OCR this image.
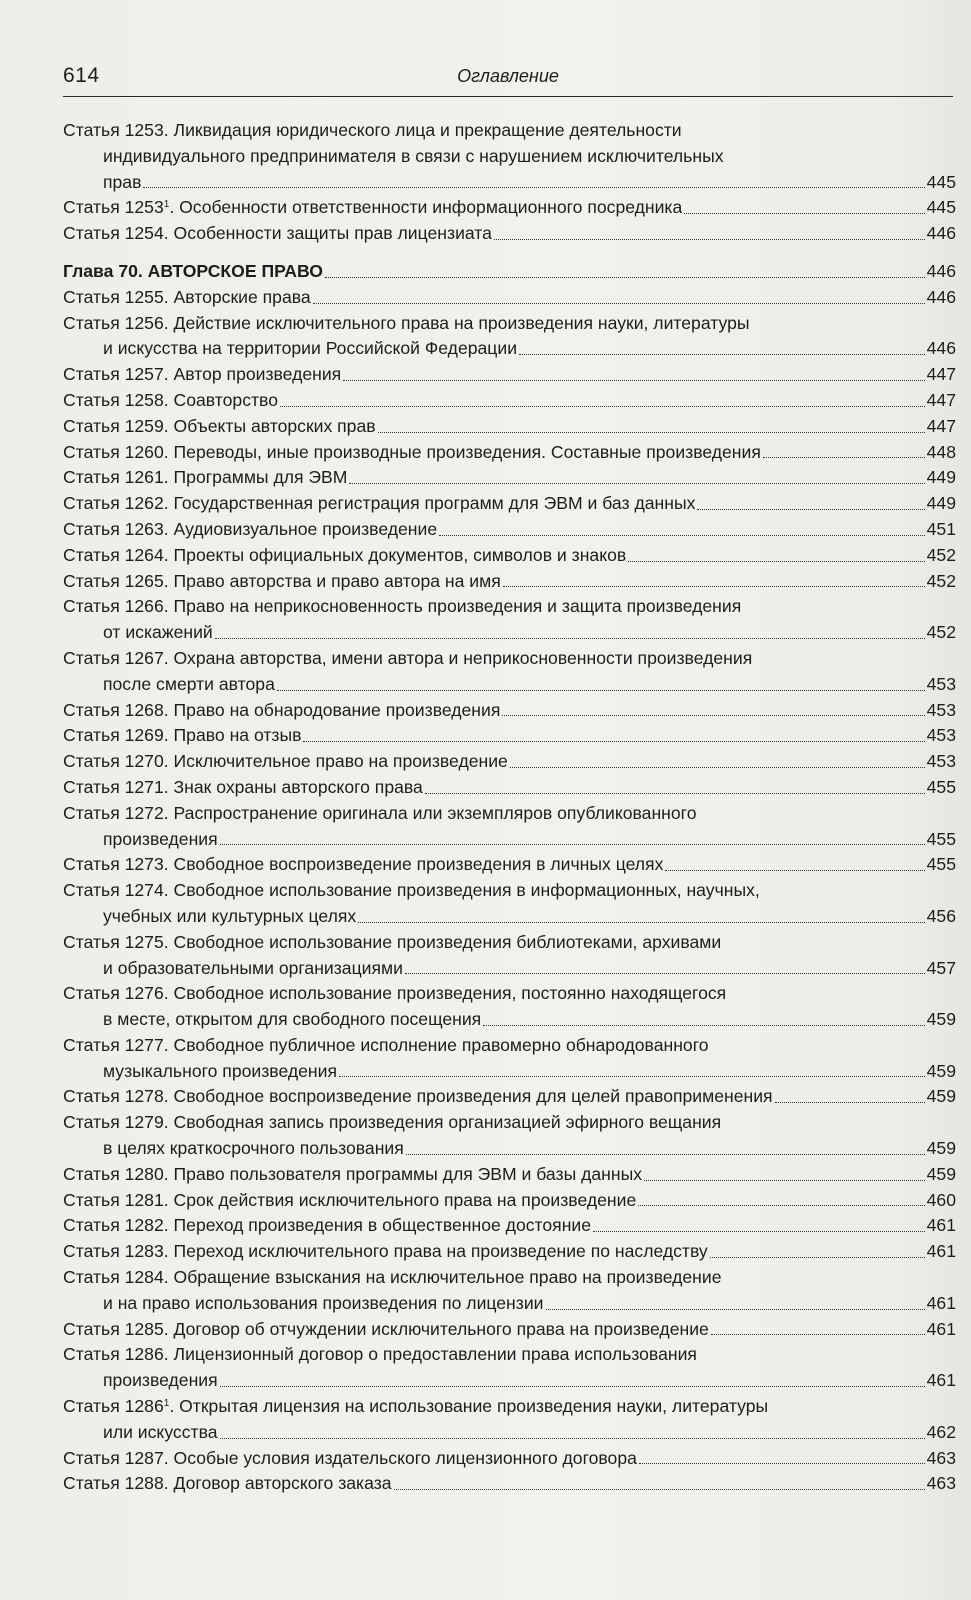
614	Оглавление
Статья 1253. Ликвидация юридического лица и прекращение деятельности
индивидуального предпринимателя в связи с нарушением исключительных
прав	445
Статья 1253$^1$. Особенности ответственности информационного посредника	445
Статья 1254. Особенности защиты прав лицензиата	446
Глава 70. АВТОРСКОЕ ПРАВО	446
Статья 1255. Авторские права	446
Статья 1256. Действие исключительного права на произведения науки, литературы
и искусства на территории Российской Федерации	446
Статья 1257. Автор произведения	447
Статья 1258. Соавторство	447
Статья 1259. Объекты авторских прав	447
Статья 1260. Переводы, иные производные произведения. Составные произведения	448
Статья 1261. Программы для ЭВМ	449
Статья 1262. Государственная регистрация программ для ЭВМ и баз данных	449
Статья 1263. Аудиовизуальное произведение	451
Статья 1264. Проекты официальных документов, символов и знаков	452
Статья 1265. Право авторства и право автора на имя	452
Статья 1266. Право на неприкосновенность произведения и защита произведения
от искажений	452
Статья 1267. Охрана авторства, имени автора и неприкосновенности произведения
после смерти автора	453
Статья 1268. Право на обнародование произведения	453
Статья 1269. Право на отзыв	453
Статья 1270. Исключительное право на произведение	453
Статья 1271. Знак охраны авторского права	455
Статья 1272. Распространение оригинала или экземпляров опубликованного
произведения	455
Статья 1273. Свободное воспроизведение произведения в личных целях	455
Статья 1274. Свободное использование произведения в информационных, научных,
учебных или культурных целях	456
Статья 1275. Свободное использование произведения библиотеками, архивами
и образовательными организациями	457
Статья 1276. Свободное использование произведения, постоянно находящегося
в месте, открытом для свободного посещения	459
Статья 1277. Свободное публичное исполнение правомерно обнародованного
музыкального произведения	459
Статья 1278. Свободное воспроизведение произведения для целей правоприменения	459
Статья 1279. Свободная запись произведения организацией эфирного вещания
в целях краткосрочного пользования	459
Статья 1280. Право пользователя программы для ЭВМ и базы данных	459
Статья 1281. Срок действия исключительного права на произведение	460
Статья 1282. Переход произведения в общественное достояние	461
Статья 1283. Переход исключительного права на произведение по наследству	461
Статья 1284. Обращение взыскания на исключительное право на произведение
и на право использования произведения по лицензии	461
Статья 1285. Договор об отчуждении исключительного права на произведение	461
Статья 1286. Лицензионный договор о предоставлении права использования
произведения	461
Статья 1286$^1$. Открытая лицензия на использование произведения науки, литературы
или искусства	462
Статья 1287. Особые условия издательского лицензионного договора	463
Статья 1288. Договор авторского заказа	463
